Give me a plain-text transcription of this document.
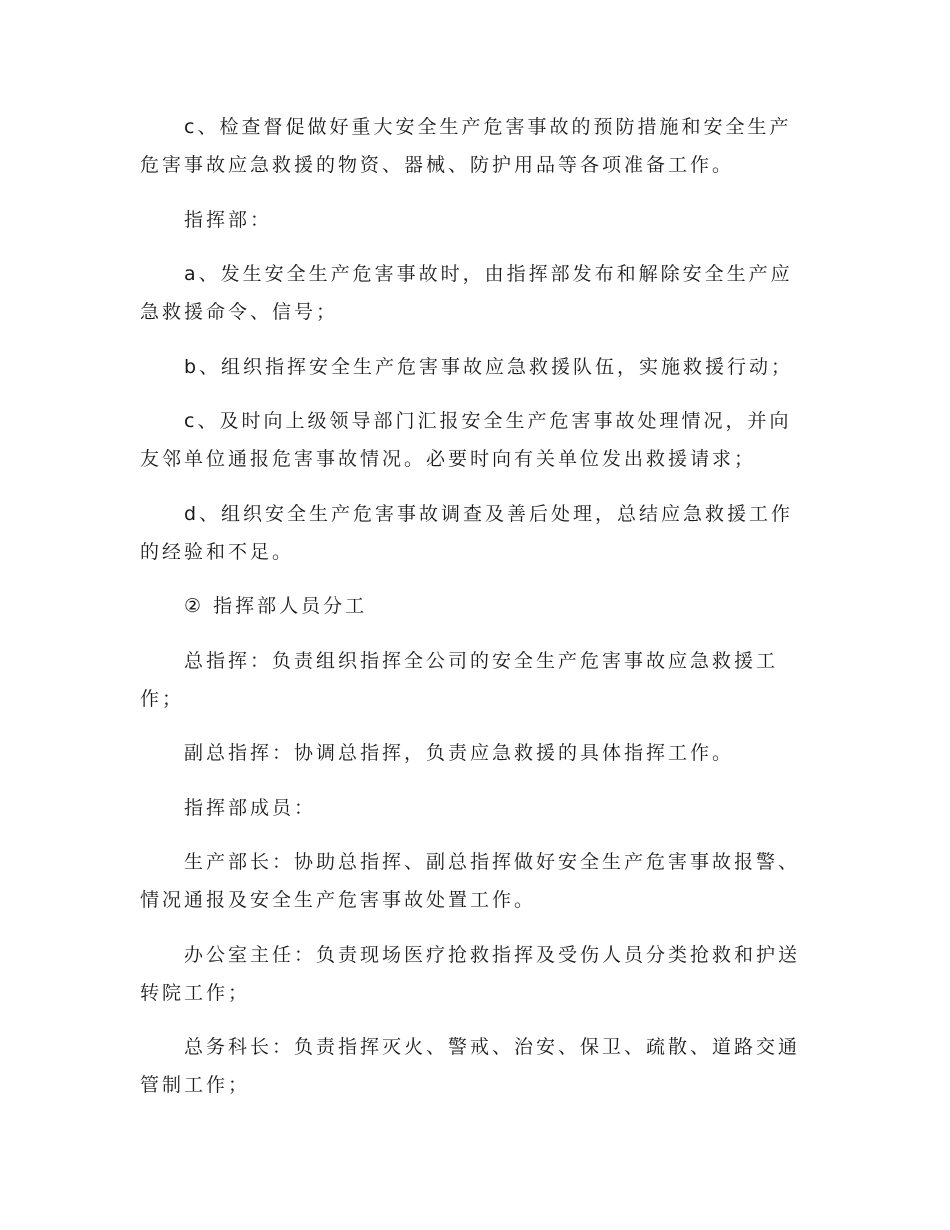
c、检查督促做好重大安全生产危害事故的预防措施和安全生产危害事故应急救援的物资、器械、防护用品等各项准备工作。

指挥部：

a、发生安全生产危害事故时，由指挥部发布和解除安全生产应急救援命令、信号；

b、组织指挥安全生产危害事故应急救援队伍，实施救援行动；

c、及时向上级领导部门汇报安全生产危害事故处理情况，并向友邻单位通报危害事故情况。必要时向有关单位发出救援请求；

d、组织安全生产危害事故调查及善后处理，总结应急救援工作的经验和不足。

② 指挥部人员分工

总指挥：负责组织指挥全公司的安全生产危害事故应急救援工作；

副总指挥：协调总指挥，负责应急救援的具体指挥工作。

指挥部成员：

生产部长：协助总指挥、副总指挥做好安全生产危害事故报警、情况通报及安全生产危害事故处置工作。

办公室主任：负责现场医疗抢救指挥及受伤人员分类抢救和护送转院工作；

总务科长：负责指挥灭火、警戒、治安、保卫、疏散、道路交通管制工作；
